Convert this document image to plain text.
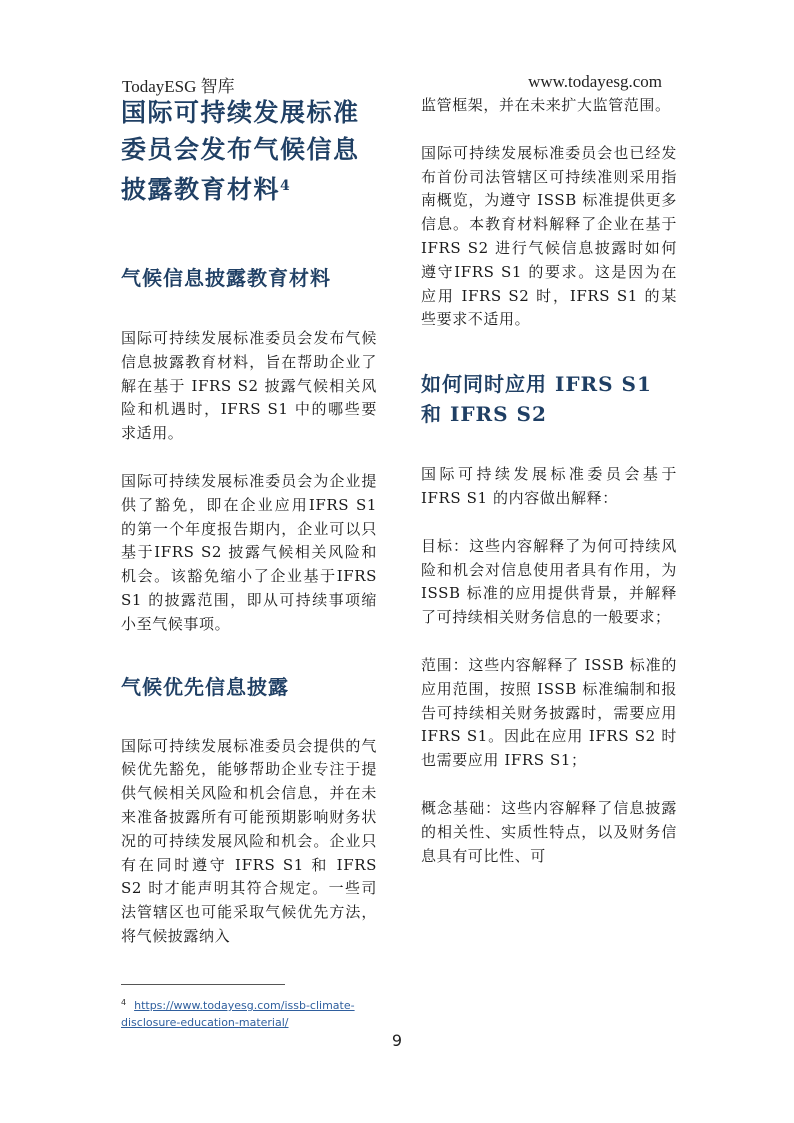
TodayESG 智库	www.todayesg.com
国际可持续发展标准委员会发布气候信息披露教育材料$^4$
气候信息披露教育材料

国际可持续发展标准委员会发布气候信息披露教育材料，旨在帮助企业了解在基于 IFRS S2 披露气候相关风险和机遇时，IFRS S1 中的哪些要求适用。

国际可持续发展标准委员会为企业提供了豁免，即在企业应用IFRS S1 的第一个年度报告期内，企业可以只基于IFRS S2 披露气候相关风险和机会。该豁免缩小了企业基于IFRS S1 的披露范围，即从可持续事项缩小至气候事项。

气候优先信息披露

国际可持续发展标准委员会提供的气候优先豁免，能够帮助企业专注于提供气候相关风险和机会信息，并在未来准备披露所有可能预期影响财务状况的可持续发展风险和机会。企业只有在同时遵守 IFRS S1 和 IFRS S2 时才能声明其符合规定。一些司法管辖区也可能采取气候优先方法，将气候披露纳入

监管框架，并在未来扩大监管范围。

国际可持续发展标准委员会也已经发布首份司法管辖区可持续准则采用指南概览，为遵守 ISSB 标准提供更多信息。本教育材料解释了企业在基于 IFRS S2 进行气候信息披露时如何遵守IFRS S1 的要求。这是因为在应用 IFRS S2 时，IFRS S1 的某些要求不适用。

如何同时应用 IFRS S1 和 IFRS S2

国际可持续发展标准委员会基于 IFRS S1 的内容做出解释：

目标：这些内容解释了为何可持续风险和机会对信息使用者具有作用，为 ISSB 标准的应用提供背景，并解释了可持续相关财务信息的一般要求；

范围：这些内容解释了 ISSB 标准的应用范围，按照 ISSB 标准编制和报告可持续相关财务披露时，需要应用 IFRS S1。因此在应用 IFRS S2 时也需要应用 IFRS S1；

概念基础：这些内容解释了信息披露的相关性、实质性特点，以及财务信息具有可比性、可

$^4$ https://www.todayesg.com/issb-climate-disclosure-education-material/
9
